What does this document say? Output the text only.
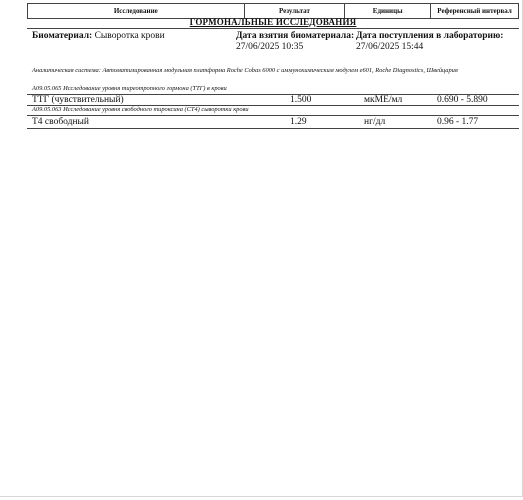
Исследование	Результат	Единицы	Референсный интервал
ГОРМОНАЛЬНЫЕ ИССЛЕДОВАНИЯ
Биоматериал: Сыворотка крови	Дата взятия биоматериала:
27/06/2025 10:35
Дата поступления в лабораторию:
27/06/2025 15:44
Аналитическая система: Автоматизированная модульная платформа Roche Cobas 6000 с иммунохимическим модулем e601, Roche Diagnostics, Швейцария
A09.05.065 Исследование уровня тиреотропного гормона (ТТГ) в крови
ТТГ (чувствительный)	1.500	мкМЕ/мл	0.690 - 5.890
A09.05.063 Исследование уровня свободного тироксина (СТ4) сыворотки крови
Т4 свободный	1.29	нг/дл	0.96 - 1.77
